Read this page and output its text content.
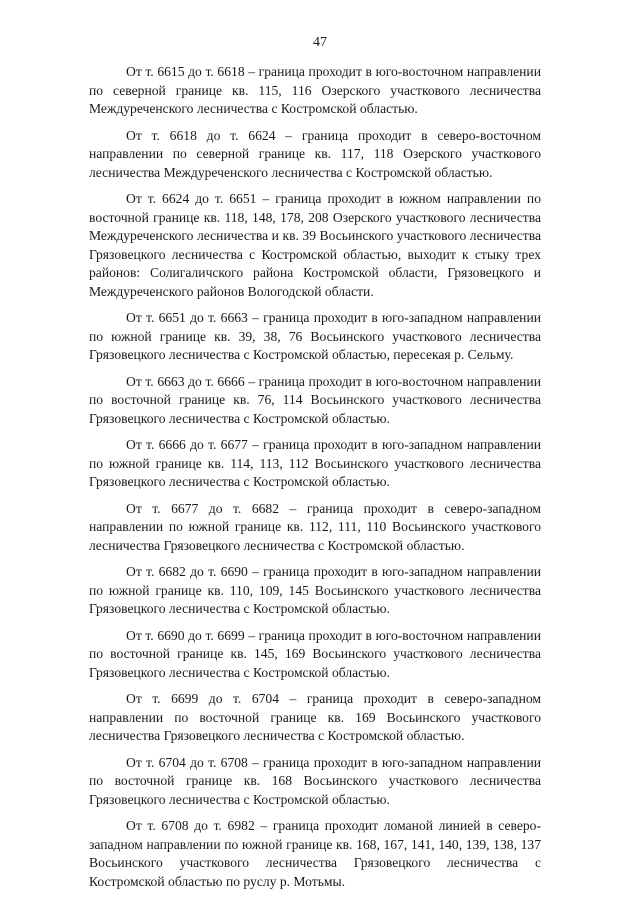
47

От т. 6615 до т. 6618 – граница проходит в юго-восточном направлении по северной границе кв. 115, 116 Озерского участкового лесничества Междуреченского лесничества с Костромской областью.

От т. 6618 до т. 6624 – граница проходит в северо-восточном направлении по северной границе кв. 117, 118 Озерского участкового лесничества Междуреченского лесничества с Костромской областью.

От т. 6624 до т. 6651 – граница проходит в южном направлении по восточной границе кв. 118, 148, 178, 208 Озерского участкового лесничества Междуреченского лесничества и кв. 39 Восьинского участкового лесничества Грязовецкого лесничества с Костромской областью, выходит к стыку трех районов: Солигаличского района Костромской области, Грязовецкого и Междуреченского районов Вологодской области.

От т. 6651 до т. 6663 – граница проходит в юго-западном направлении по южной границе кв. 39, 38, 76 Восьинского участкового лесничества Грязовецкого лесничества с Костромской областью, пересекая р. Сельму.

От т. 6663 до т. 6666 – граница проходит в юго-восточном направлении по восточной границе кв. 76, 114 Восьинского участкового лесничества Грязовецкого лесничества с Костромской областью.

От т. 6666 до т. 6677 – граница проходит в юго-западном направлении по южной границе кв. 114, 113, 112 Восьинского участкового лесничества Грязовецкого лесничества с Костромской областью.

От т. 6677 до т. 6682 – граница проходит в северо-западном направлении по южной границе кв. 112, 111, 110 Восьинского участкового лесничества Грязовецкого лесничества с Костромской областью.

От т. 6682 до т. 6690 – граница проходит в юго-западном направлении по южной границе кв. 110, 109, 145 Восьинского участкового лесничества Грязовецкого лесничества с Костромской областью.

От т. 6690 до т. 6699 – граница проходит в юго-восточном направлении по восточной границе кв. 145, 169 Восьинского участкового лесничества Грязовецкого лесничества с Костромской областью.

От т. 6699 до т. 6704 – граница проходит в северо-западном направлении по восточной границе кв. 169 Восьинского участкового лесничества Грязовецкого лесничества с Костромской областью.

От т. 6704 до т. 6708 – граница проходит в юго-западном направлении по восточной границе кв. 168 Восьинского участкового лесничества Грязовецкого лесничества с Костромской областью.

От т. 6708 до т. 6982 – граница проходит ломаной линией в северо-западном направлении по южной границе кв. 168, 167, 141, 140, 139, 138, 137 Восьинского участкового лесничества Грязовецкого лесничества с Костромской областью по руслу р. Мотьмы.
